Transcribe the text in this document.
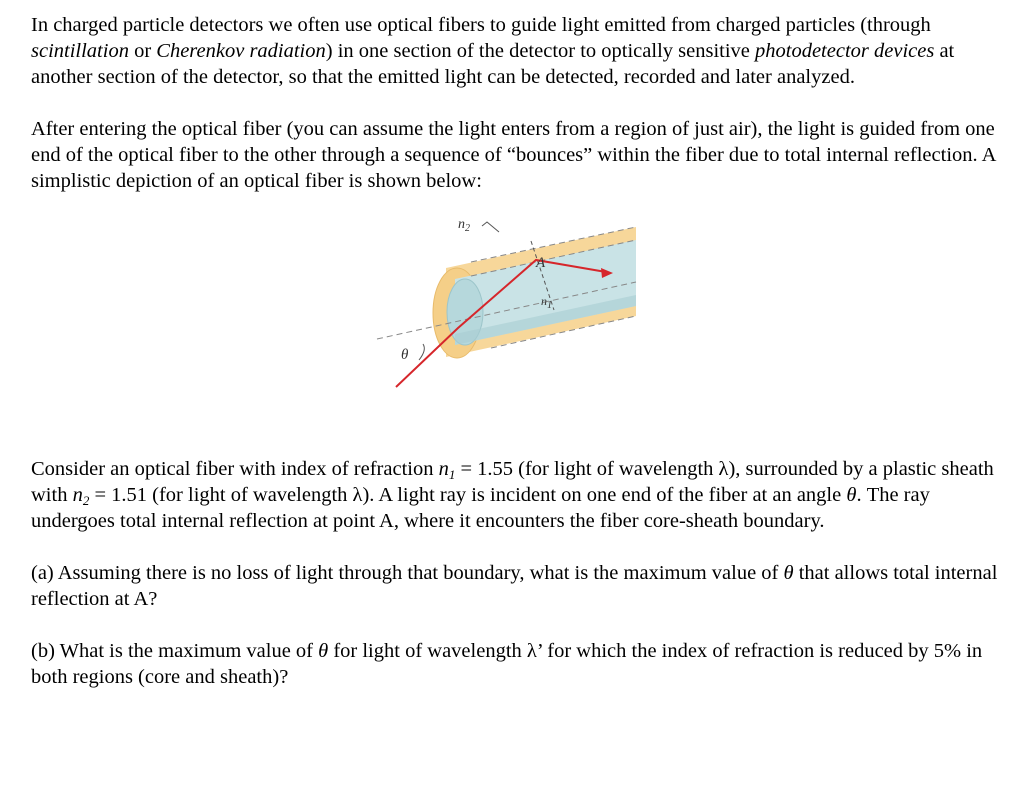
In charged particle detectors we often use optical fibers to guide light emitted from charged particles (through scintillation or Cherenkov radiation) in one section of the detector to optically sensitive photodetector devices at another section of the detector, so that the emitted light can be detected, recorded and later analyzed.

After entering the optical fiber (you can assume the light enters from a region of just air), the light is guided from one end of the optical fiber to the other through a sequence of “bounces” within the fiber due to total internal reflection. A simplistic depiction of an optical fiber is shown below:

$n_2$
A
$n_1$
θ

Consider an optical fiber with index of refraction $n_1 = 1.55$ (for light of wavelength λ), surrounded by a plastic sheath with $n_2 = 1.51$ (for light of wavelength λ). A light ray is incident on one end of the fiber at an angle θ. The ray undergoes total internal reflection at point A, where it encounters the fiber core-sheath boundary.

(a) Assuming there is no loss of light through that boundary, what is the maximum value of θ that allows total internal reflection at A?

(b) What is the maximum value of θ for light of wavelength λ’ for which the index of refraction is reduced by 5% in both regions (core and sheath)?
